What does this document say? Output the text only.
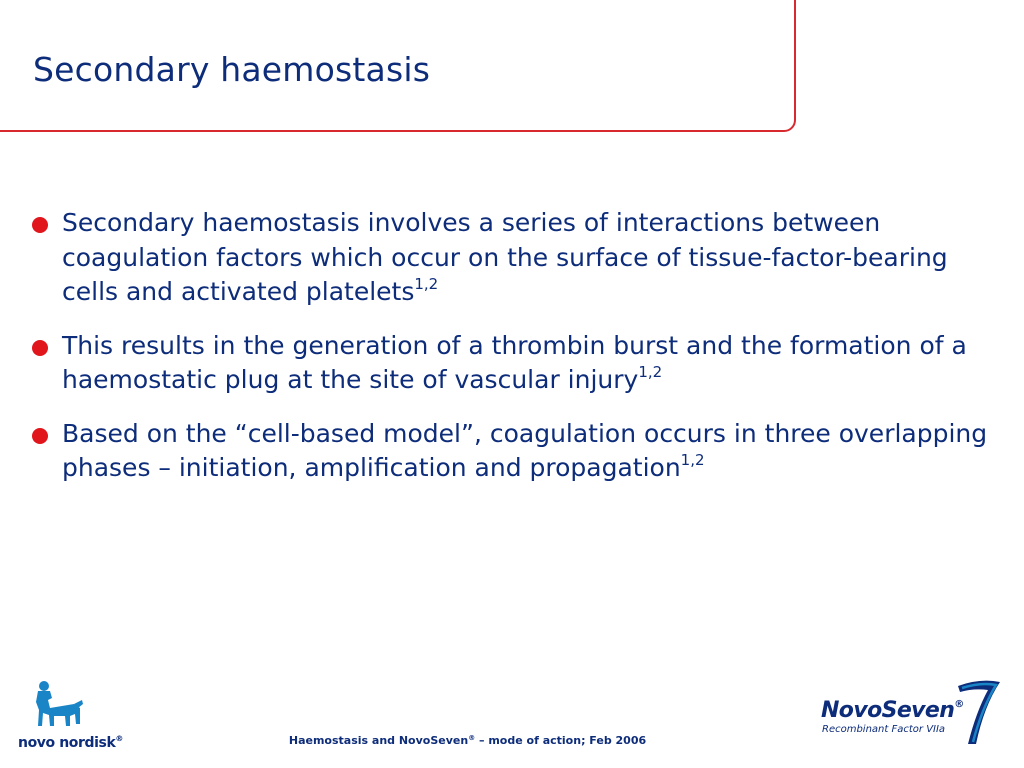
Secondary haemostasis
Secondary haemostasis involves a series of interactions between coagulation factors which occur on the surface of tissue-factor-bearing cells and activated platelets$^{1,2}$
This results in the generation of a thrombin burst and the formation of a haemostatic plug at the site of vascular injury$^{1,2}$
Based on the “cell-based model”, coagulation occurs in three overlapping phases – initiation, amplification and propagation$^{1,2}$
novo nordisk®	Haemostasis and NovoSeven® – mode of action; Feb 2006
NovoSeven®
Recombinant Factor VIIa
